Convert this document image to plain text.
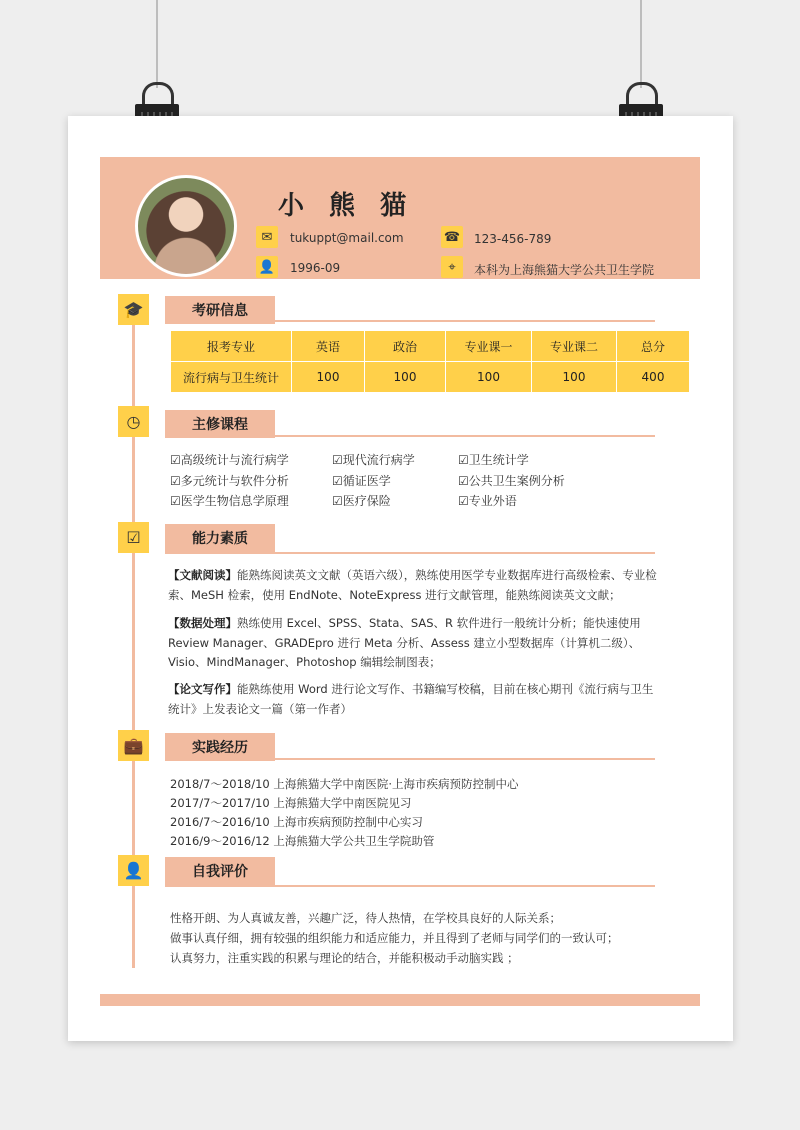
小 熊 猫
✉	tukuppt@mail.com
👤 1996-09
☎ 123-456-789
⌖	本科为上海熊猫大学公共卫生学院
🎓	考研信息
报考专业	英语	政治	专业课一	专业课二	总分
流行病与卫生统计	100	100	100	100	400
◷	主修课程
☑高级统计与流行病学	☑现代流行病学	☑卫生统计学
☑多元统计与软件分析	☑循证医学	☑公共卫生案例分析
☑医学生物信息学原理	☑医疗保险	☑专业外语
☑	能力素质
【文献阅读】能熟练阅读英文文献（英语六级），熟练使用医学专业数据库进行高级检索、专业检索、MeSH 检索，使用 EndNote、NoteExpress 进行文献管理，能熟练阅读英文文献；
【数据处理】熟练使用 Excel、SPSS、Stata、SAS、R 软件进行一般统计分析；能快速使用 Review Manager、GRADEpro 进行 Meta 分析、Assess 建立小型数据库（计算机二级）、Visio、MindManager、Photoshop 编辑绘制图表；
【论文写作】能熟练使用 Word 进行论文写作、书籍编写校稿，目前在核心期刊《流行病与卫生统计》上发表论文一篇（第一作者）
💼	实践经历
2018/7～2018/10 上海熊猫大学中南医院·上海市疾病预防控制中心
2017/7～2017/10 上海熊猫大学中南医院见习
2016/7～2016/10 上海市疾病预防控制中心实习
2016/9～2016/12 上海熊猫大学公共卫生学院助管
👤	自我评价
性格开朗、为人真诚友善，兴趣广泛，待人热情，在学校具良好的人际关系；
做事认真仔细，拥有较强的组织能力和适应能力，并且得到了老师与同学们的一致认可；
认真努力，注重实践的积累与理论的结合，并能积极动手动脑实践 ；
